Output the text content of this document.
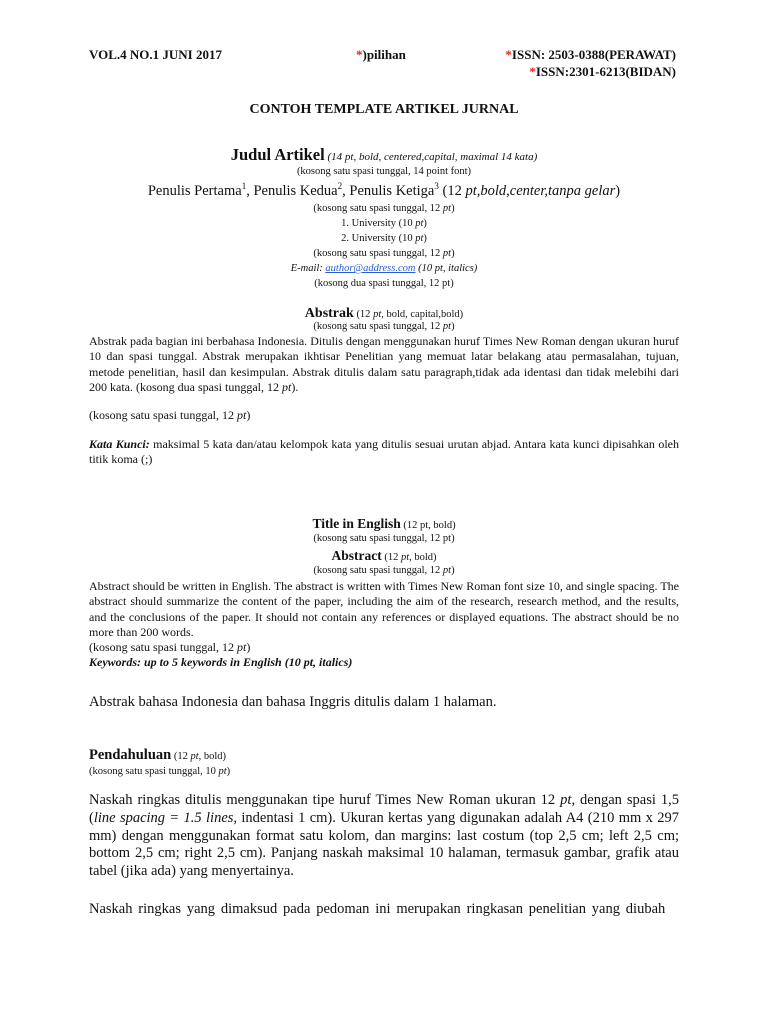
VOL.4 NO.1 JUNI 2017	*)pilihan	*ISSN: 2503-0388(PERAWAT)
*ISSN:2301-6213(BIDAN)
CONTOH TEMPLATE ARTIKEL JURNAL
Judul Artikel (14 pt, bold, centered,capital, maximal 14 kata)
(kosong satu spasi tunggal, 14 point font)
Penulis Pertama$^1$, Penulis Kedua$^2$, Penulis Ketiga$^3$ (12 pt,bold,center,tanpa gelar)
(kosong satu spasi tunggal, 12 pt)
1. University (10 pt)
2. University (10 pt)
(kosong satu spasi tunggal, 12 pt)
E-mail: author@address.com (10 pt, italics)
(kosong dua spasi tunggal, 12 pt)
Abstrak (12 pt, bold, capital,bold)
(kosong satu spasi tunggal, 12 pt)
Abstrak pada bagian ini berbahasa Indonesia. Ditulis dengan menggunakan huruf Times New Roman dengan ukuran huruf 10 dan spasi tunggal. Abstrak merupakan ikhtisar Penelitian yang memuat latar belakang atau permasalahan, tujuan, metode penelitian, hasil dan kesimpulan. Abstrak ditulis dalam satu paragraph,tidak ada identasi dan tidak melebihi dari 200 kata. (kosong dua spasi tunggal, 12 pt).
(kosong satu spasi tunggal, 12 pt)
Kata Kunci: maksimal 5 kata dan/atau kelompok kata yang ditulis sesuai urutan abjad. Antara kata kunci dipisahkan oleh titik koma (;)
Title in English (12 pt, bold)
(kosong satu spasi tunggal, 12 pt)
Abstract (12 pt, bold)
(kosong satu spasi tunggal, 12 pt)
Abstract should be written in English. The abstract is written with Times New Roman font size 10, and single spacing. The abstract should summarize the content of the paper, including the aim of the research, research method, and the results, and the conclusions of the paper. It should not contain any references or displayed equations. The abstract should be no more than 200 words.
(kosong satu spasi tunggal, 12 pt)
Keywords: up to 5 keywords in English (10 pt, italics)
Abstrak bahasa Indonesia dan bahasa Inggris ditulis dalam 1 halaman.
Pendahuluan (12 pt, bold)
(kosong satu spasi tunggal, 10 pt)
Naskah ringkas ditulis menggunakan tipe huruf Times New Roman ukuran 12 pt, dengan spasi 1,5 (line spacing = 1.5 lines, indentasi 1 cm). Ukuran kertas yang digunakan adalah A4 (210 mm x 297 mm) dengan menggunakan format satu kolom, dan margins: last costum (top 2,5 cm; left 2,5 cm; bottom 2,5 cm; right 2,5 cm). Panjang naskah maksimal 10 halaman, termasuk gambar, grafik atau tabel (jika ada) yang menyertainya.
Naskah ringkas yang dimaksud pada pedoman ini merupakan ringkasan penelitian yang diubah
